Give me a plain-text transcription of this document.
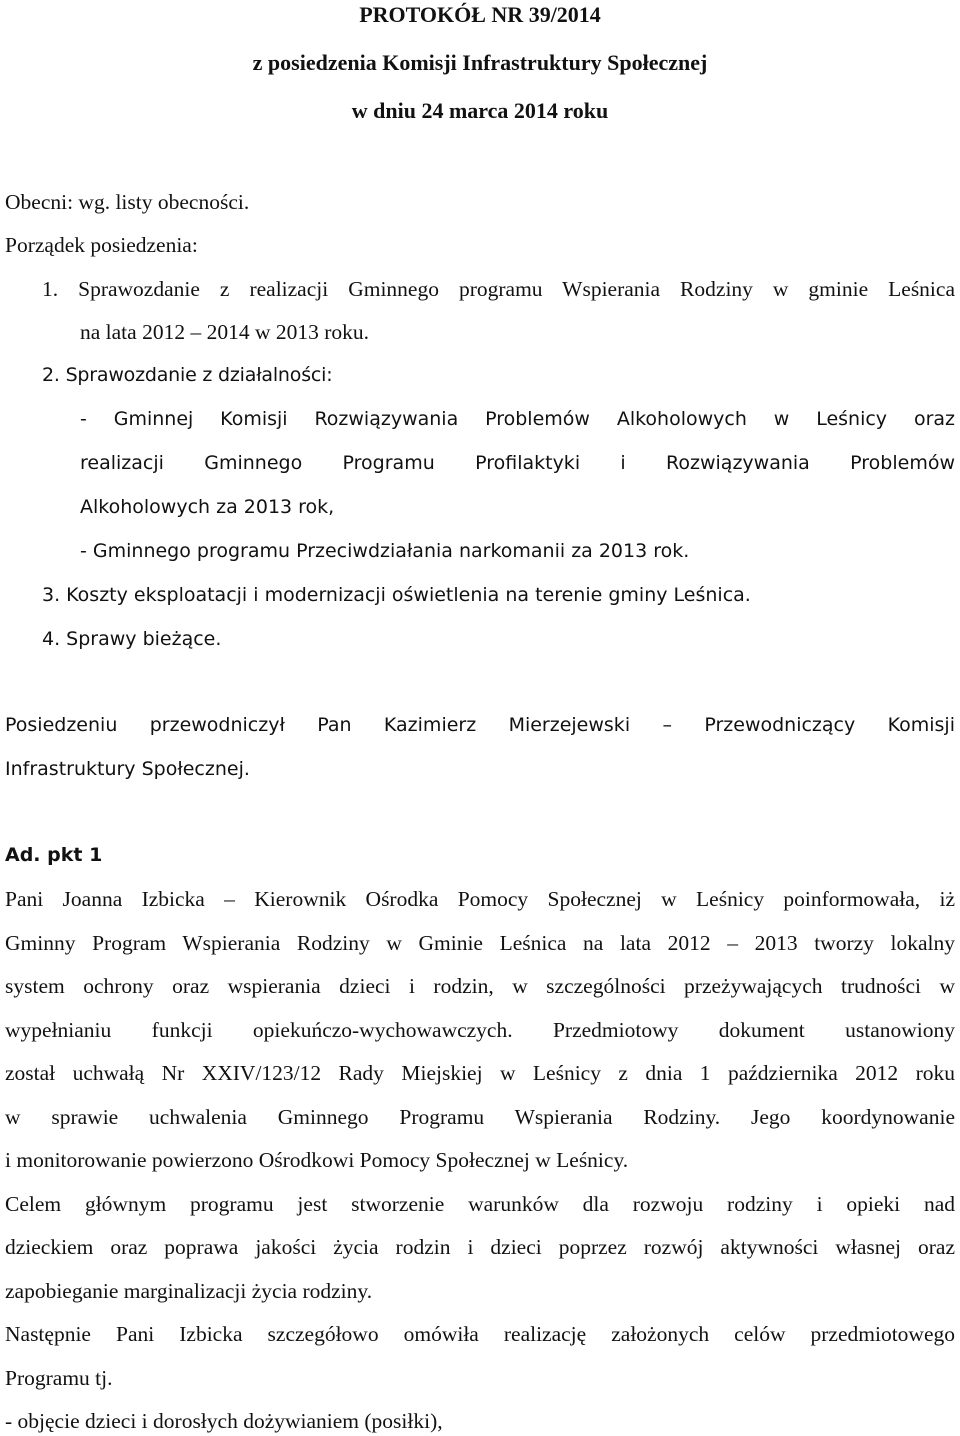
PROTOKÓŁ NR 39/2014
z posiedzenia Komisji Infrastruktury Społecznej
w dniu 24 marca 2014 roku
Obecni: wg. listy obecności.
Porządek posiedzenia:
1. Sprawozdanie z realizacji Gminnego programu Wspierania Rodziny w gminie Leśnica
na lata 2012 – 2014 w 2013 roku.
2. Sprawozdanie z działalności:
- Gminnej Komisji Rozwiązywania Problemów Alkoholowych w Leśnicy oraz
realizacji Gminnego Programu Profilaktyki i Rozwiązywania Problemów
Alkoholowych za 2013 rok,
- Gminnego programu Przeciwdziałania narkomanii za 2013 rok.
3. Koszty eksploatacji i modernizacji oświetlenia na terenie gminy Leśnica.
4. Sprawy bieżące.
Posiedzeniu przewodniczył Pan Kazimierz Mierzejewski – Przewodniczący Komisji
Infrastruktury Społecznej.
Ad. pkt 1
Pani Joanna Izbicka – Kierownik Ośrodka Pomocy Społecznej w Leśnicy poinformowała, iż
Gminny Program Wspierania Rodziny w Gminie Leśnica na lata 2012 – 2013 tworzy lokalny
system ochrony oraz wspierania dzieci i rodzin, w szczególności przeżywających trudności w
wypełnianiu funkcji opiekuńczo-wychowawczych. Przedmiotowy dokument ustanowiony
został uchwałą Nr XXIV/123/12 Rady Miejskiej w Leśnicy z dnia 1 października 2012 roku
w sprawie uchwalenia Gminnego Programu Wspierania Rodziny. Jego koordynowanie
i monitorowanie powierzono Ośrodkowi Pomocy Społecznej w Leśnicy.
Celem głównym programu jest stworzenie warunków dla rozwoju rodziny i opieki nad
dzieckiem oraz poprawa jakości życia rodzin i dzieci poprzez rozwój aktywności własnej oraz
zapobieganie marginalizacji życia rodziny.
Następnie Pani Izbicka szczegółowo omówiła realizację założonych celów przedmiotowego
Programu tj.
- objęcie dzieci i dorosłych dożywianiem (posiłki),
